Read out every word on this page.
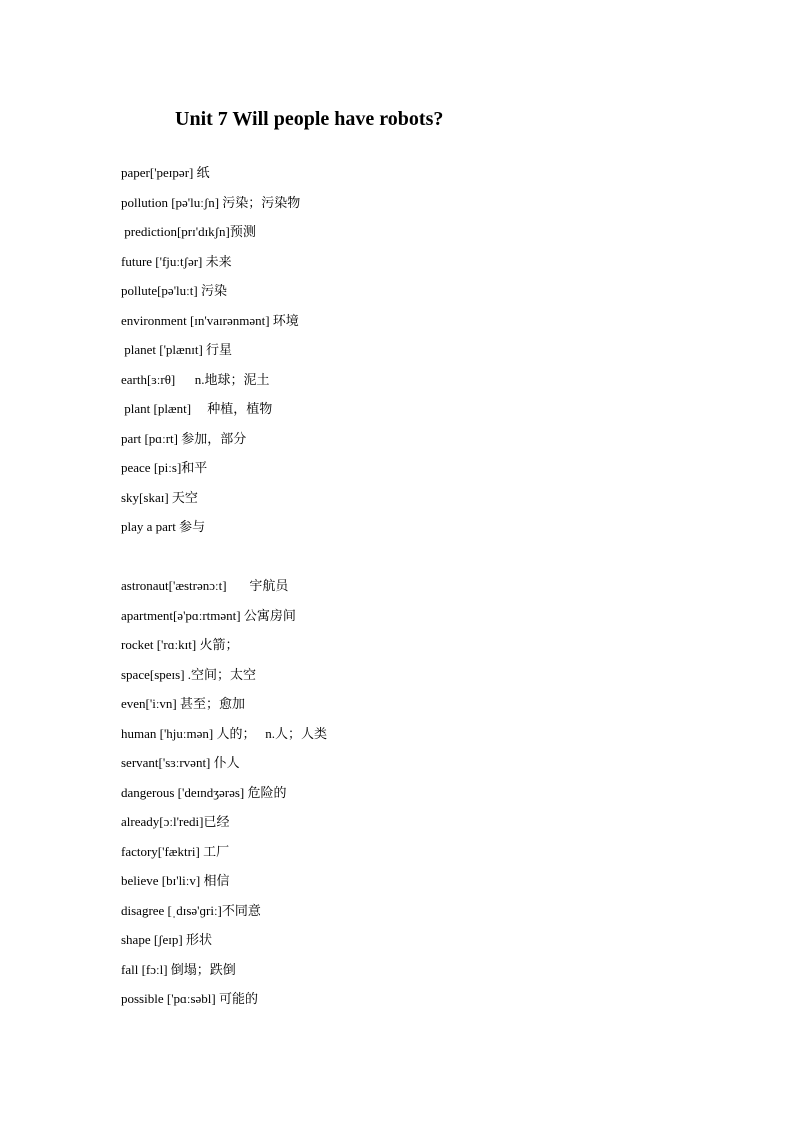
Unit 7 Will people have robots?
paper['peɪpər] 纸
pollution [pə'luːʃn] 污染；污染物
prediction[prɪ'dɪkʃn]预测
future ['fjuːtʃər] 未来
pollute[pə'luːt] 污染
environment [ɪn'vaɪrənmənt] 环境
planet ['plænɪt] 行星
earth[ɜːrθ]      n.地球；泥土
plant [plænt]     种植，植物
part [pɑːrt] 参加，部分
peace [piːs]和平
sky[skaɪ] 天空
play a part 参与
astronaut['æstrənɔːt]       宇航员
apartment[ə'pɑːrtmənt] 公寓房间
rocket ['rɑːkɪt] 火箭；
space[speɪs] .空间；太空
even['iːvn] 甚至；愈加
human ['hjuːmən] 人的；   n.人；人类
servant['sɜːrvənt] 仆人
dangerous ['deɪndʒərəs] 危险的
already[ɔːl'redi]已经
factory['fæktri] 工厂
believe [bɪ'liːv] 相信
disagree [ˌdɪsə'ɡriː]不同意
shape [ʃeɪp] 形状
fall [fɔːl] 倒塌；跌倒
possible ['pɑːsəbl] 可能的
